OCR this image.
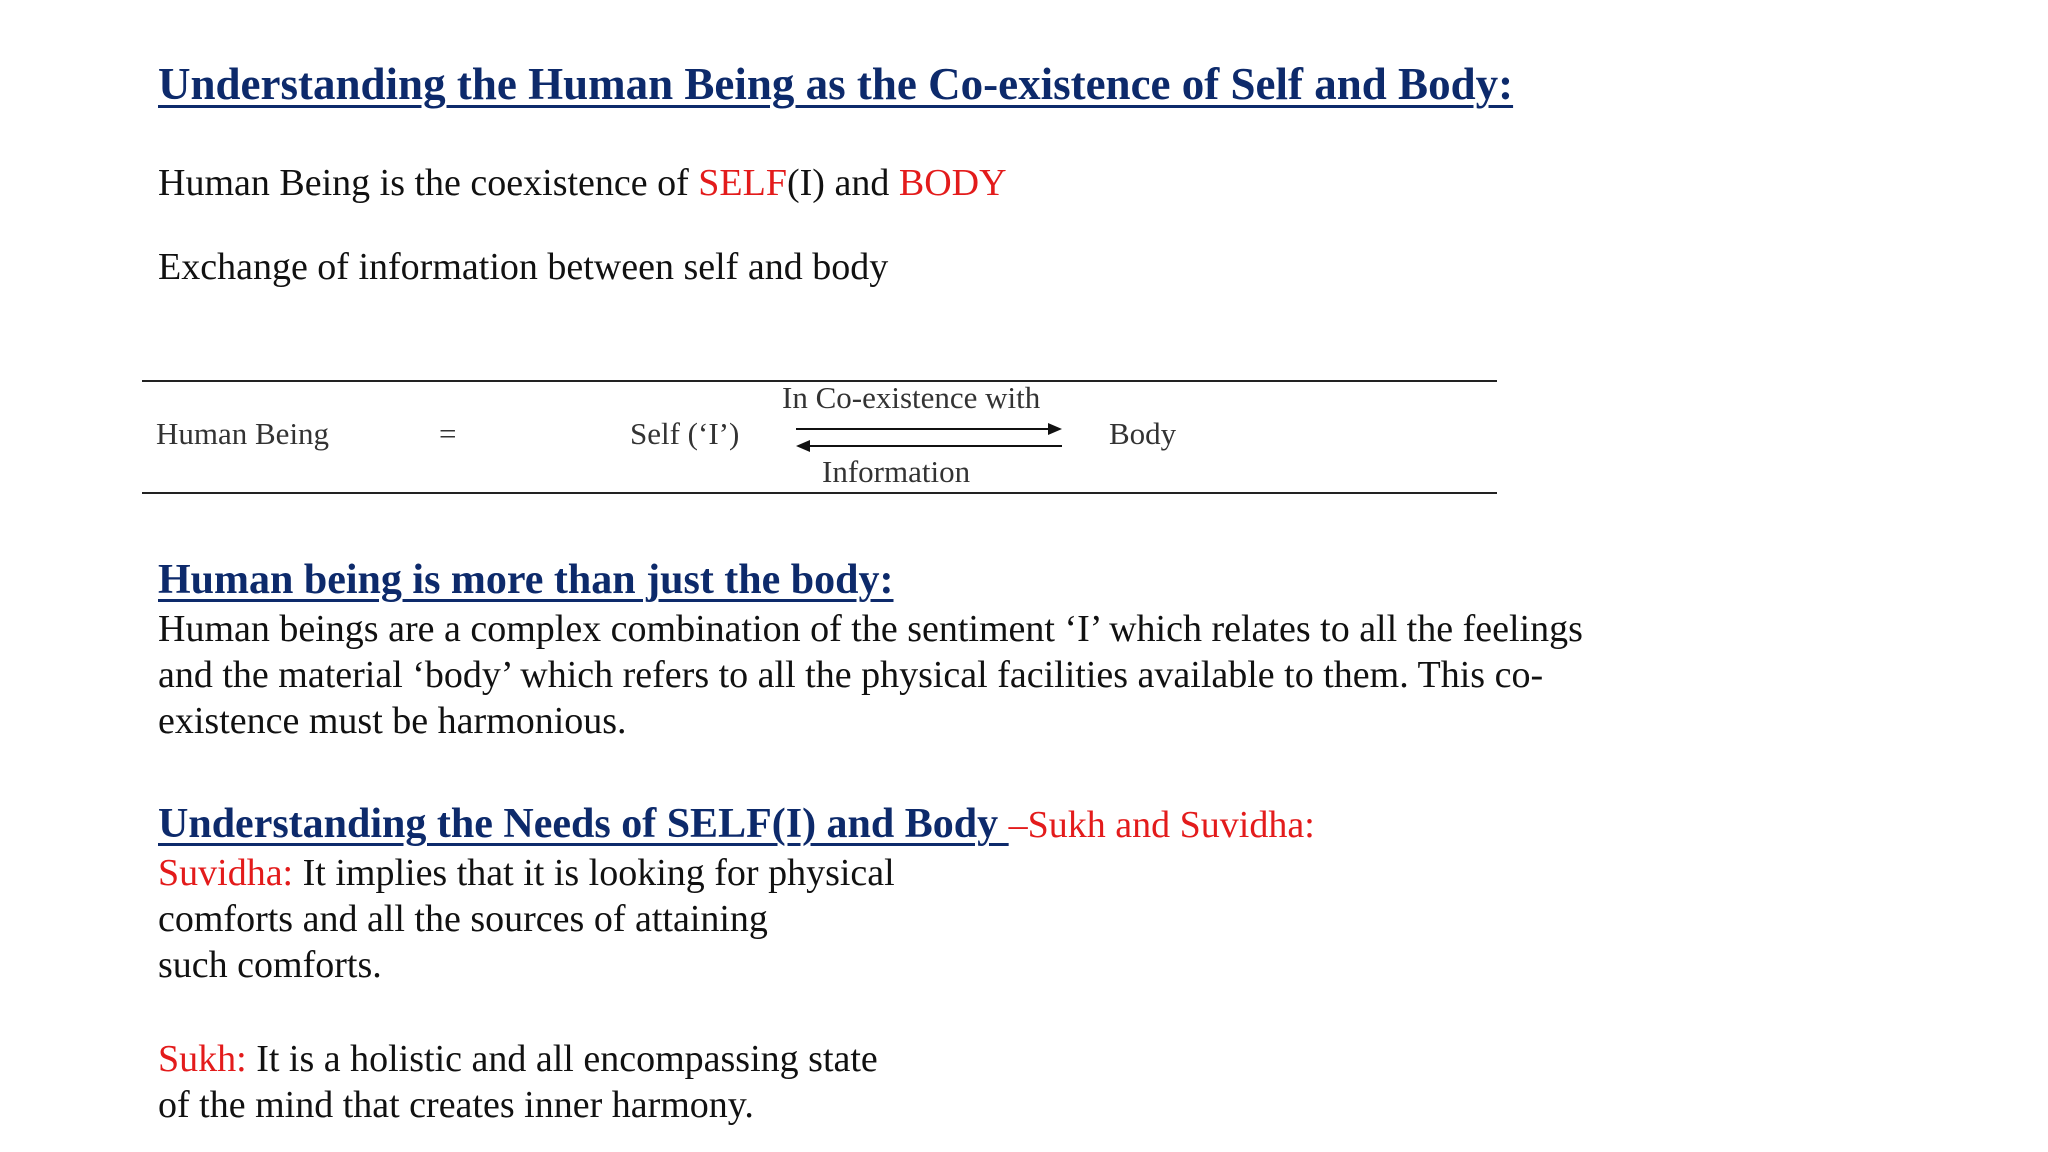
Understanding the Human Being as the Co-existence of Self and Body:
Human Being is the coexistence of SELF(I) and BODY
Exchange of information between self and body
Human Being	=	Self (‘I’)
In Co-existence with
Information
Body
Human being is more than just the body:
Human beings are a complex combination of the sentiment ‘I’ which relates to all the feelings
and the material ‘body’ which refers to all the physical facilities available to them. This co-
existence must be harmonious.
Understanding the Needs of SELF(I) and Body –Sukh and Suvidha:
Suvidha: It implies that it is looking for physical
comforts and all the sources of attaining
such comforts.
Sukh: It is a holistic and all encompassing state
of the mind that creates inner harmony.
